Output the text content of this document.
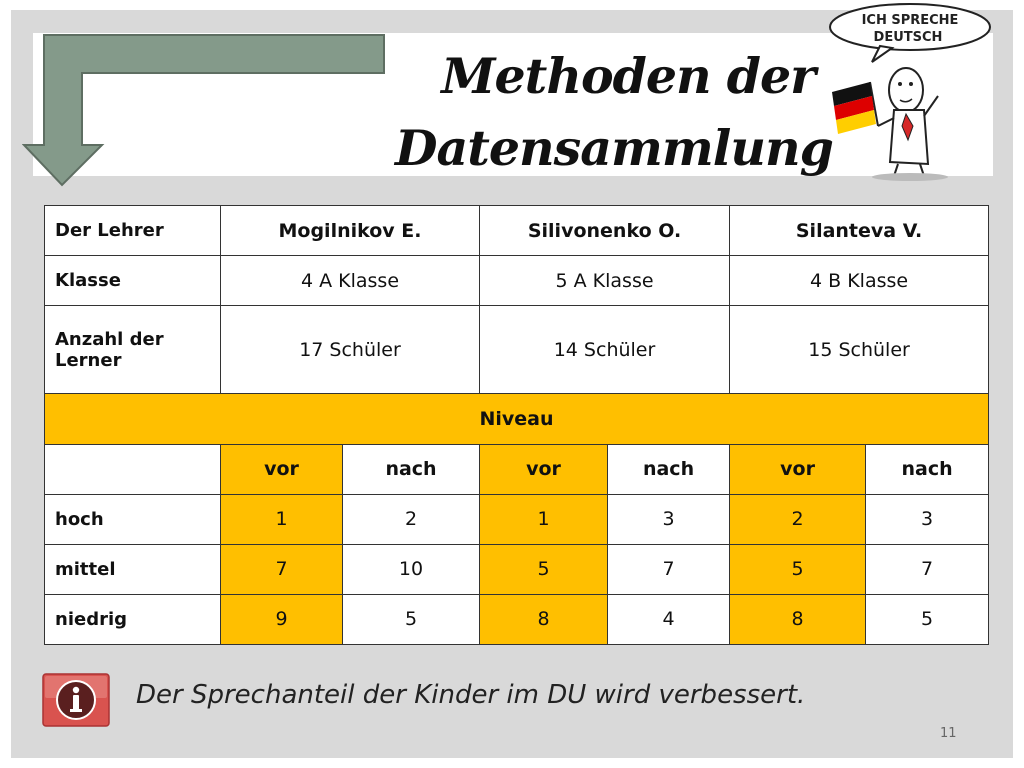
Methoden der
Datensammlung
ICH SPRECHE
DEUTSCH
Der Lehrer	Mogilnikov E.		Silivonenko O.		Silanteva V.	
Klasse	4 A Klasse		5 A Klasse		4 B Klasse	
Anzahl der Lerner	17 Schüler		14 Schüler		15 Schüler	
Niveau						
	vor	nach	vor	nach	vor	nach
hoch	1	2	1	3	2	3
mittel	7	10	5	7	5	7
niedrig	9	5	8	4	8	5
Der Sprechanteil der Kinder im DU wird verbessert.
11
